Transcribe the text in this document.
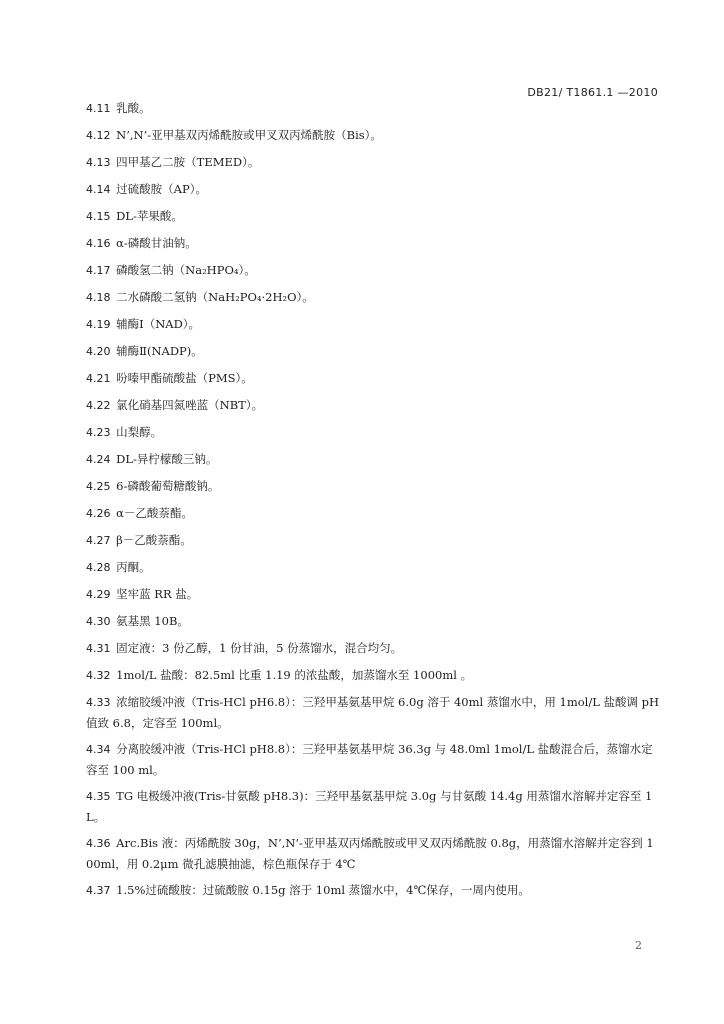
DB21/ T1861.1 —2010
4.11 乳酸。
4.12 N’,N’-亚甲基双丙烯酰胺或甲叉双丙烯酰胺（Bis）。
4.13 四甲基乙二胺（TEMED）。
4.14 过硫酸胺（AP）。
4.15 DL-苹果酸。
4.16 α-磷酸甘油钠。
4.17 磷酸氢二钠（Na₂HPO₄）。
4.18 二水磷酸二氢钠（NaH₂PO₄·2H₂O）。
4.19 辅酶Ⅰ（NAD）。
4.20 辅酶Ⅱ(NADP)。
4.21 吩嗪甲酯硫酸盐（PMS）。
4.22 氯化硝基四氮唑蓝（NBT）。
4.23 山梨醇。
4.24 DL-异柠檬酸三钠。
4.25 6-磷酸葡萄糖酸钠。
4.26 α－乙酸萘酯。
4.27 β－乙酸萘酯。
4.28 丙酮。
4.29 坚牢蓝 RR 盐。
4.30 氨基黑 10B。
4.31 固定液：3 份乙醇，1 份甘油，5 份蒸馏水，混合均匀。
4.32 1mol/L 盐酸：82.5ml 比重 1.19 的浓盐酸，加蒸馏水至 1000ml 。
4.33 浓缩胶缓冲液（Tris-HCl pH6.8）：三羟甲基氨基甲烷 6.0g 溶于 40ml 蒸馏水中，用 1mol/L 盐酸调 pH 值致 6.8，定容至 100ml。
4.34 分离胶缓冲液（Tris-HCl pH8.8）：三羟甲基氨基甲烷 36.3g 与 48.0ml 1mol/L 盐酸混合后，蒸馏水定容至 100 ml。
4.35 TG 电极缓冲液(Tris-甘氨酸 pH8.3)：三羟甲基氨基甲烷 3.0g 与甘氨酸 14.4g 用蒸馏水溶解并定容至 1L。
4.36 Arc.Bis 液：丙烯酰胺 30g，N’,N’-亚甲基双丙烯酰胺或甲叉双丙烯酰胺 0.8g，用蒸馏水溶解并定容到 100ml，用 0.2μm 微孔滤膜抽滤，棕色瓶保存于 4℃
4.37 1.5%过硫酸胺：过硫酸胺 0.15g 溶于 10ml 蒸馏水中，4℃保存，一周内使用。
2
